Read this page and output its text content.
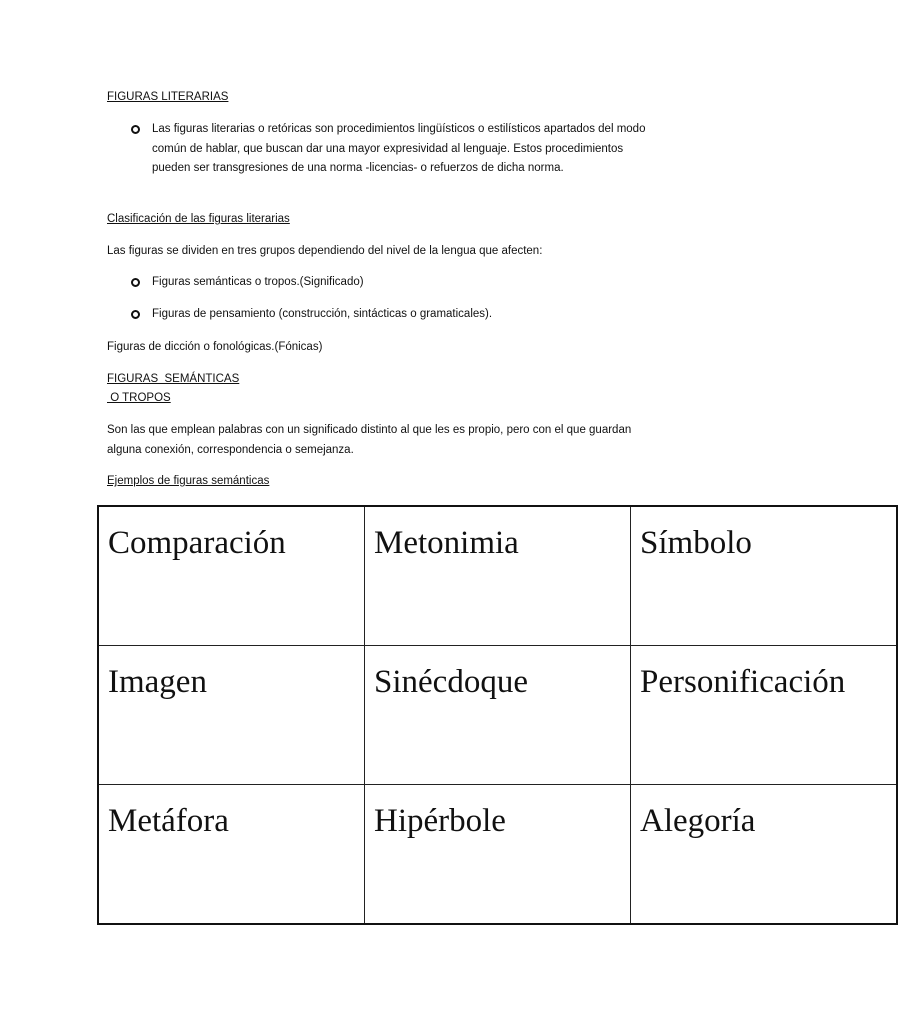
FIGURAS LITERARIAS

Las figuras literarias o retóricas son procedimientos lingüísticos o estilísticos apartados del modo común de hablar, que buscan dar una mayor expresividad al lenguaje. Estos procedimientos pueden ser transgresiones de una norma -licencias- o refuerzos de dicha norma.

Clasificación de las figuras literarias

Las figuras se dividen en tres grupos dependiendo del nivel de la lengua que afecten:

Figuras semánticas o tropos.(Significado)
Figuras de pensamiento (construcción, sintácticas o gramaticales).

Figuras de dicción o fonológicas.(Fónicas)

FIGURAS  SEMÁNTICAS

O TROPOS

Son las que emplean palabras con un significado distinto al que les es propio, pero con el que guardan alguna conexión, correspondencia o semejanza.

Ejemplos de figuras semánticas

Comparación	Metonimia	Símbolo
Imagen	Sinécdoque	Personificación
Metáfora	Hipérbole	Alegoría
